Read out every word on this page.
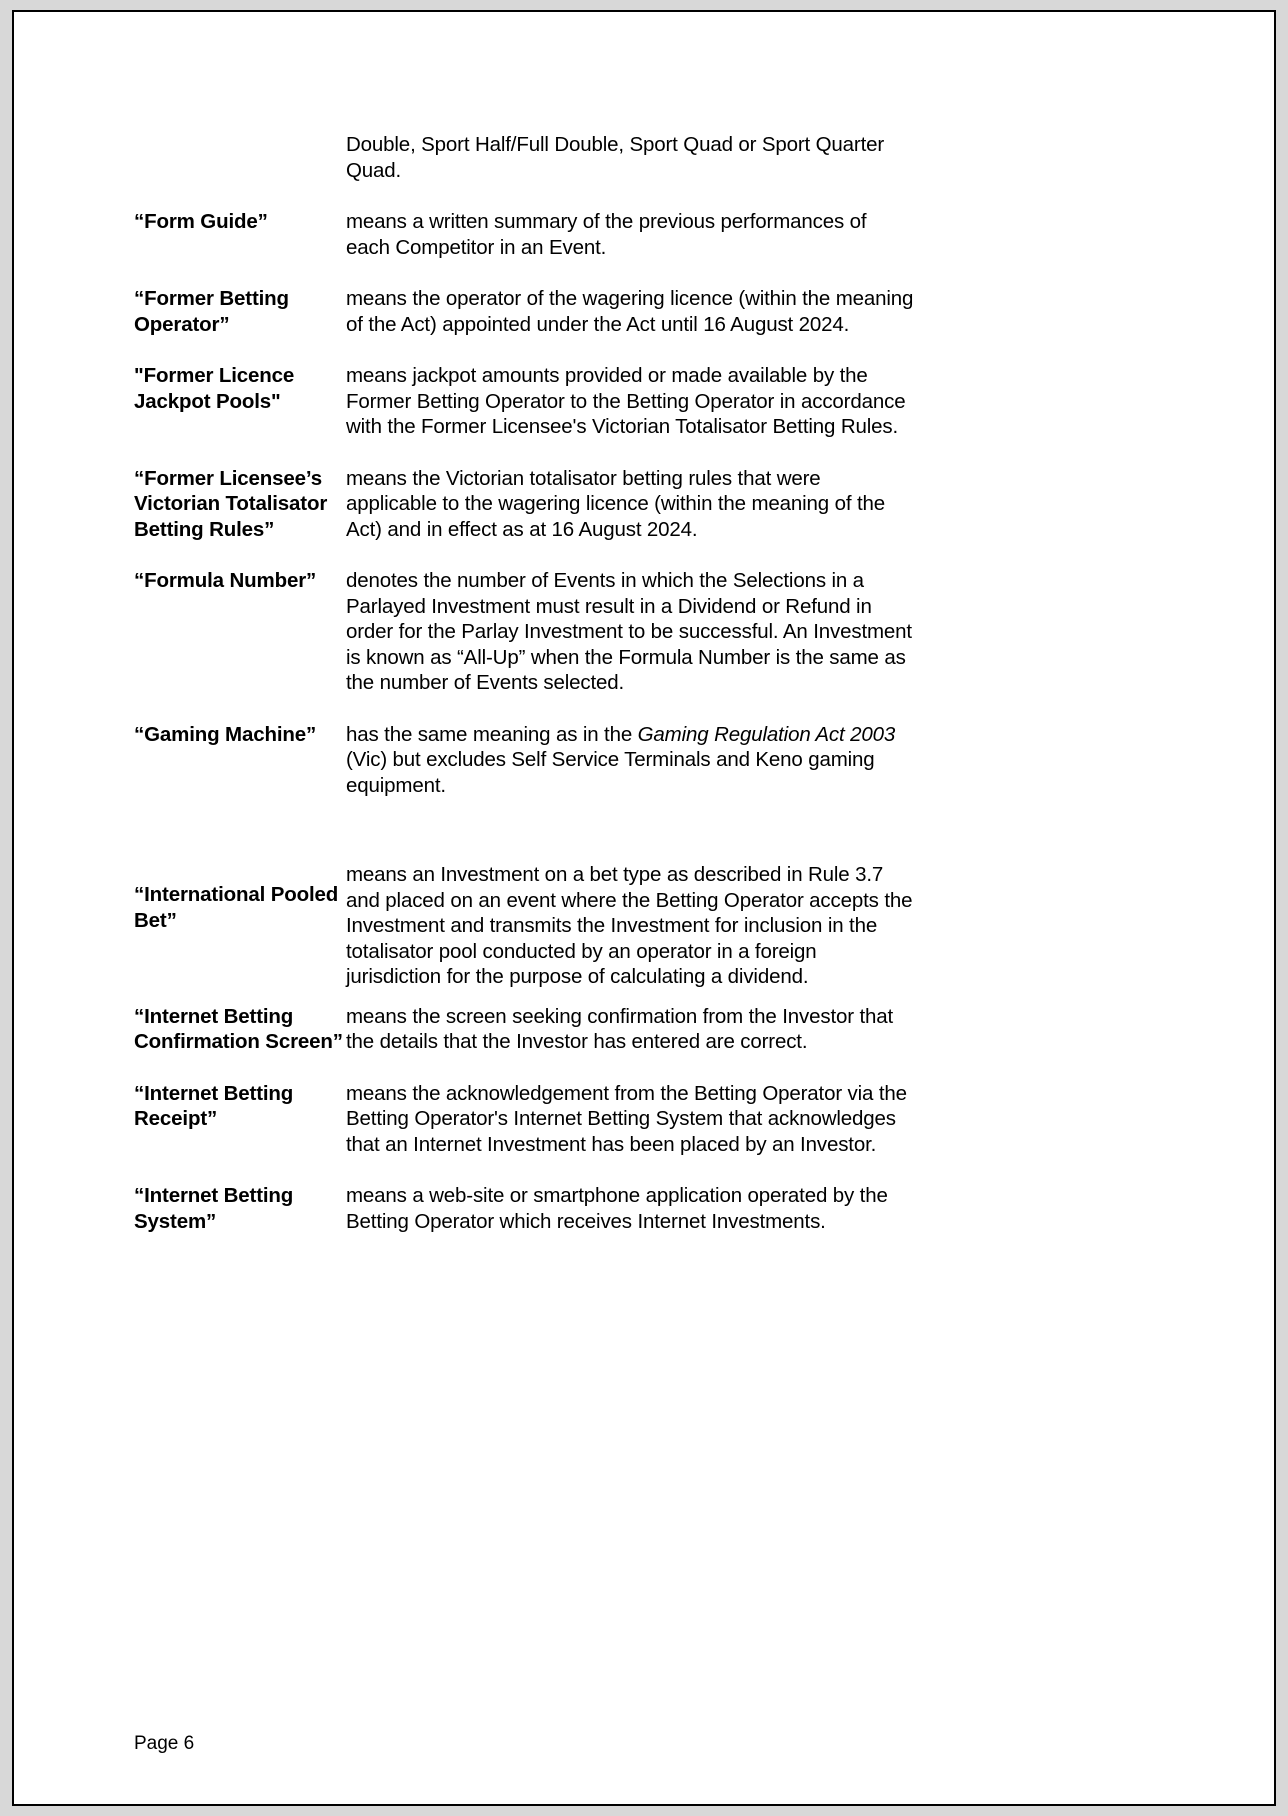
	Double, Sport Half/Full Double, Sport Quad or Sport Quarter Quad.

“Form Guide”	means a written summary of the previous performances of each Competitor in an Event.

“Former Betting Operator”	means the operator of the wagering licence (within the meaning of the Act) appointed under the Act until 16 August 2024.

"Former Licence Jackpot Pools"	means jackpot amounts provided or made available by the Former Betting Operator to the Betting Operator in accordance with the Former Licensee's Victorian Totalisator Betting Rules.

“Former Licensee’s Victorian Totalisator Betting Rules”	means the Victorian totalisator betting rules that were applicable to the wagering licence (within the meaning of the Act) and in effect as at 16 August 2024.

“Formula Number”	denotes the number of Events in which the Selections in a Parlayed Investment must result in a Dividend or Refund in order for the Parlay Investment to be successful. An Investment is known as “All-Up” when the Formula Number is the same as the number of Events selected.

“Gaming Machine”	has the same meaning as in the Gaming Regulation Act 2003 (Vic) but excludes Self Service Terminals and Keno gaming equipment.

“International Pooled Bet”	means an Investment on a bet type as described in Rule 3.7 and placed on an event where the Betting Operator accepts the Investment and transmits the Investment for inclusion in the totalisator pool conducted by an operator in a foreign jurisdiction for the purpose of calculating a dividend.

“Internet Betting Confirmation Screen”	means the screen seeking confirmation from the Investor that the details that the Investor has entered are correct.

“Internet Betting Receipt”	means the acknowledgement from the Betting Operator via the Betting Operator's Internet Betting System that acknowledges that an Internet Investment has been placed by an Investor.

“Internet Betting System”	means a web-site or smartphone application operated by the Betting Operator which receives Internet Investments.
Page 6
